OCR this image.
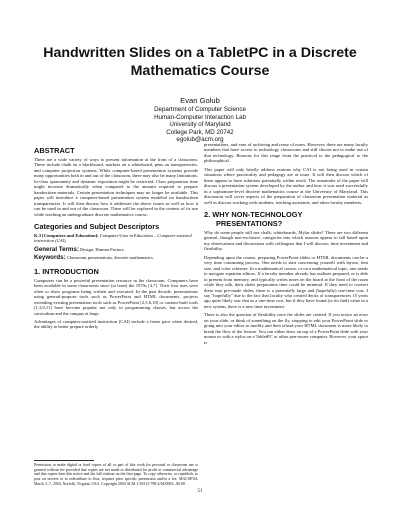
Handwritten Slides on a TabletPC in a Discrete
Mathematics Course
Evan Golub
Department of Computer Science
Human-Computer Interaction Lab
University of Maryland
College Park, MD 20742
egolub@acm.org
ABSTRACT
There are a wide variety of ways to present information at the front of a classroom. These include chalk on a blackboard, markers on a whiteboard, pens on transparencies, and computer projection systems. While computer-based presentation systems provide many opportunities both in and out of the classroom, there may also be many limitations. In-class spontaneity and dynamic exposition might be restricted. Class preparation time might increase dramatically when compared to the amount required to prepare handwritten materials. Certain presentation techniques may no longer be available. This paper will introduce a computer-based presentation system modeled on handwritten transparencies. It will then discuss how it addresses the above issues as well as how it can be used in and out of the classroom. There will be explored in the context of its use while teaching an undergraduate discrete mathematics course.
Categories and Subject Descriptors
K.3 [Computers and Education]: Computer Uses in Education – Computer-assisted instruction (CAI).
General Terms: Design, Human Factors.
Keywords: Classroom presentations, discrete mathematics.
1. INTRODUCTION
Computers can be a powerful presentation resource in the classroom. Computers have been available in some classrooms since (at least) the 1970s [4,7]. Their first uses were often to show programs being written and executed. In the past decade, presentations using general-purpose tools such as PowerPoint and HTML documents, projects extending existing presentation tools such as PowerPoint [2,5,6,10] or custom-built tools [1,3,9,11] have become popular not only in programming classes, but across the curriculum and the campus at large.
Advantages of computer-assisted instruction (CAI) include a faster pace when desired, the ability to better prepare orderly
Permission to make digital or hard copies of all or part of this work for personal or classroom use is granted without fee provided that copies are not made or distributed for profit or commercial advantage and that copies bear this notice and the full citation on the first page. To copy otherwise, or republish, to post on servers or to redistribute to lists, requires prior specific permission and/or a fee. SIGCSE'04, March 3–7, 2004, Norfolk, Virginia, USA. Copyright 2004 ACM 1-58113-798-2/04/0003...$5.00.
presentations, and ease of archiving and reuse of notes. However, there are many faculty members that have access to technology classrooms and still choose not to make use of that technology. Reasons for this range from the practical to the pedagogical to the philosophical.
This paper will only briefly address reasons why CAI is not being used in certain situations where practicality and pedagogy are at issue. It will then discuss which of these appear to have solutions potentially within reach. The remainder of the paper will discuss a presentation system developed by the author and how it was used successfully in a sophomore-level discrete mathematics course at the University of Maryland. This discussion will cover aspects of the preparation of classroom presentation material as well as discuss working with students, teaching assistants, and other faculty members.
2. WHY NON-TECHNOLOGY
PRESENTATIONS?
Why do some people still use chalk, whiteboards, Mylar slides? There are two different general, though non-exclusive, categories into which reasons appear to fall based upon my observations and discussions with colleagues that I will discuss; time investment and flexibility.
Depending upon the course, preparing PowerPoint slides or HTML documents can be a very time consuming process. One needs to start concerning yourself with layout, font size, and color schemes. In a mathematical course, or on a mathematical topic, one needs to navigate equation editors. If a faculty member already has outlines prepared, or is able to present from memory, and typically writes notes on the board at the front of the room while they talk, their slides preparation time could be minimal. If they need to convert these into pre-made slides, there is a potentially large and (hopefully) one-time cost. I say "hopefully" due to the fact that faculty who created decks of transparencies 15 years ago quite likely saw that as a one-time cost, but if they have found (or do find) value in a new system, there is a new time investment.
There is also the question of flexibility once the slides are created. If you notice an error on your slide, or think of something on the fly, stopping to edit your PowerPoint slide or going into your editor to modify and then reload your HTML document is more likely to break the flow of the lecture. You can either draw on top of a PowerPoint slide with your mouse or with a stylus on a TabletPC or other pen-aware computer. However, your space is
51
